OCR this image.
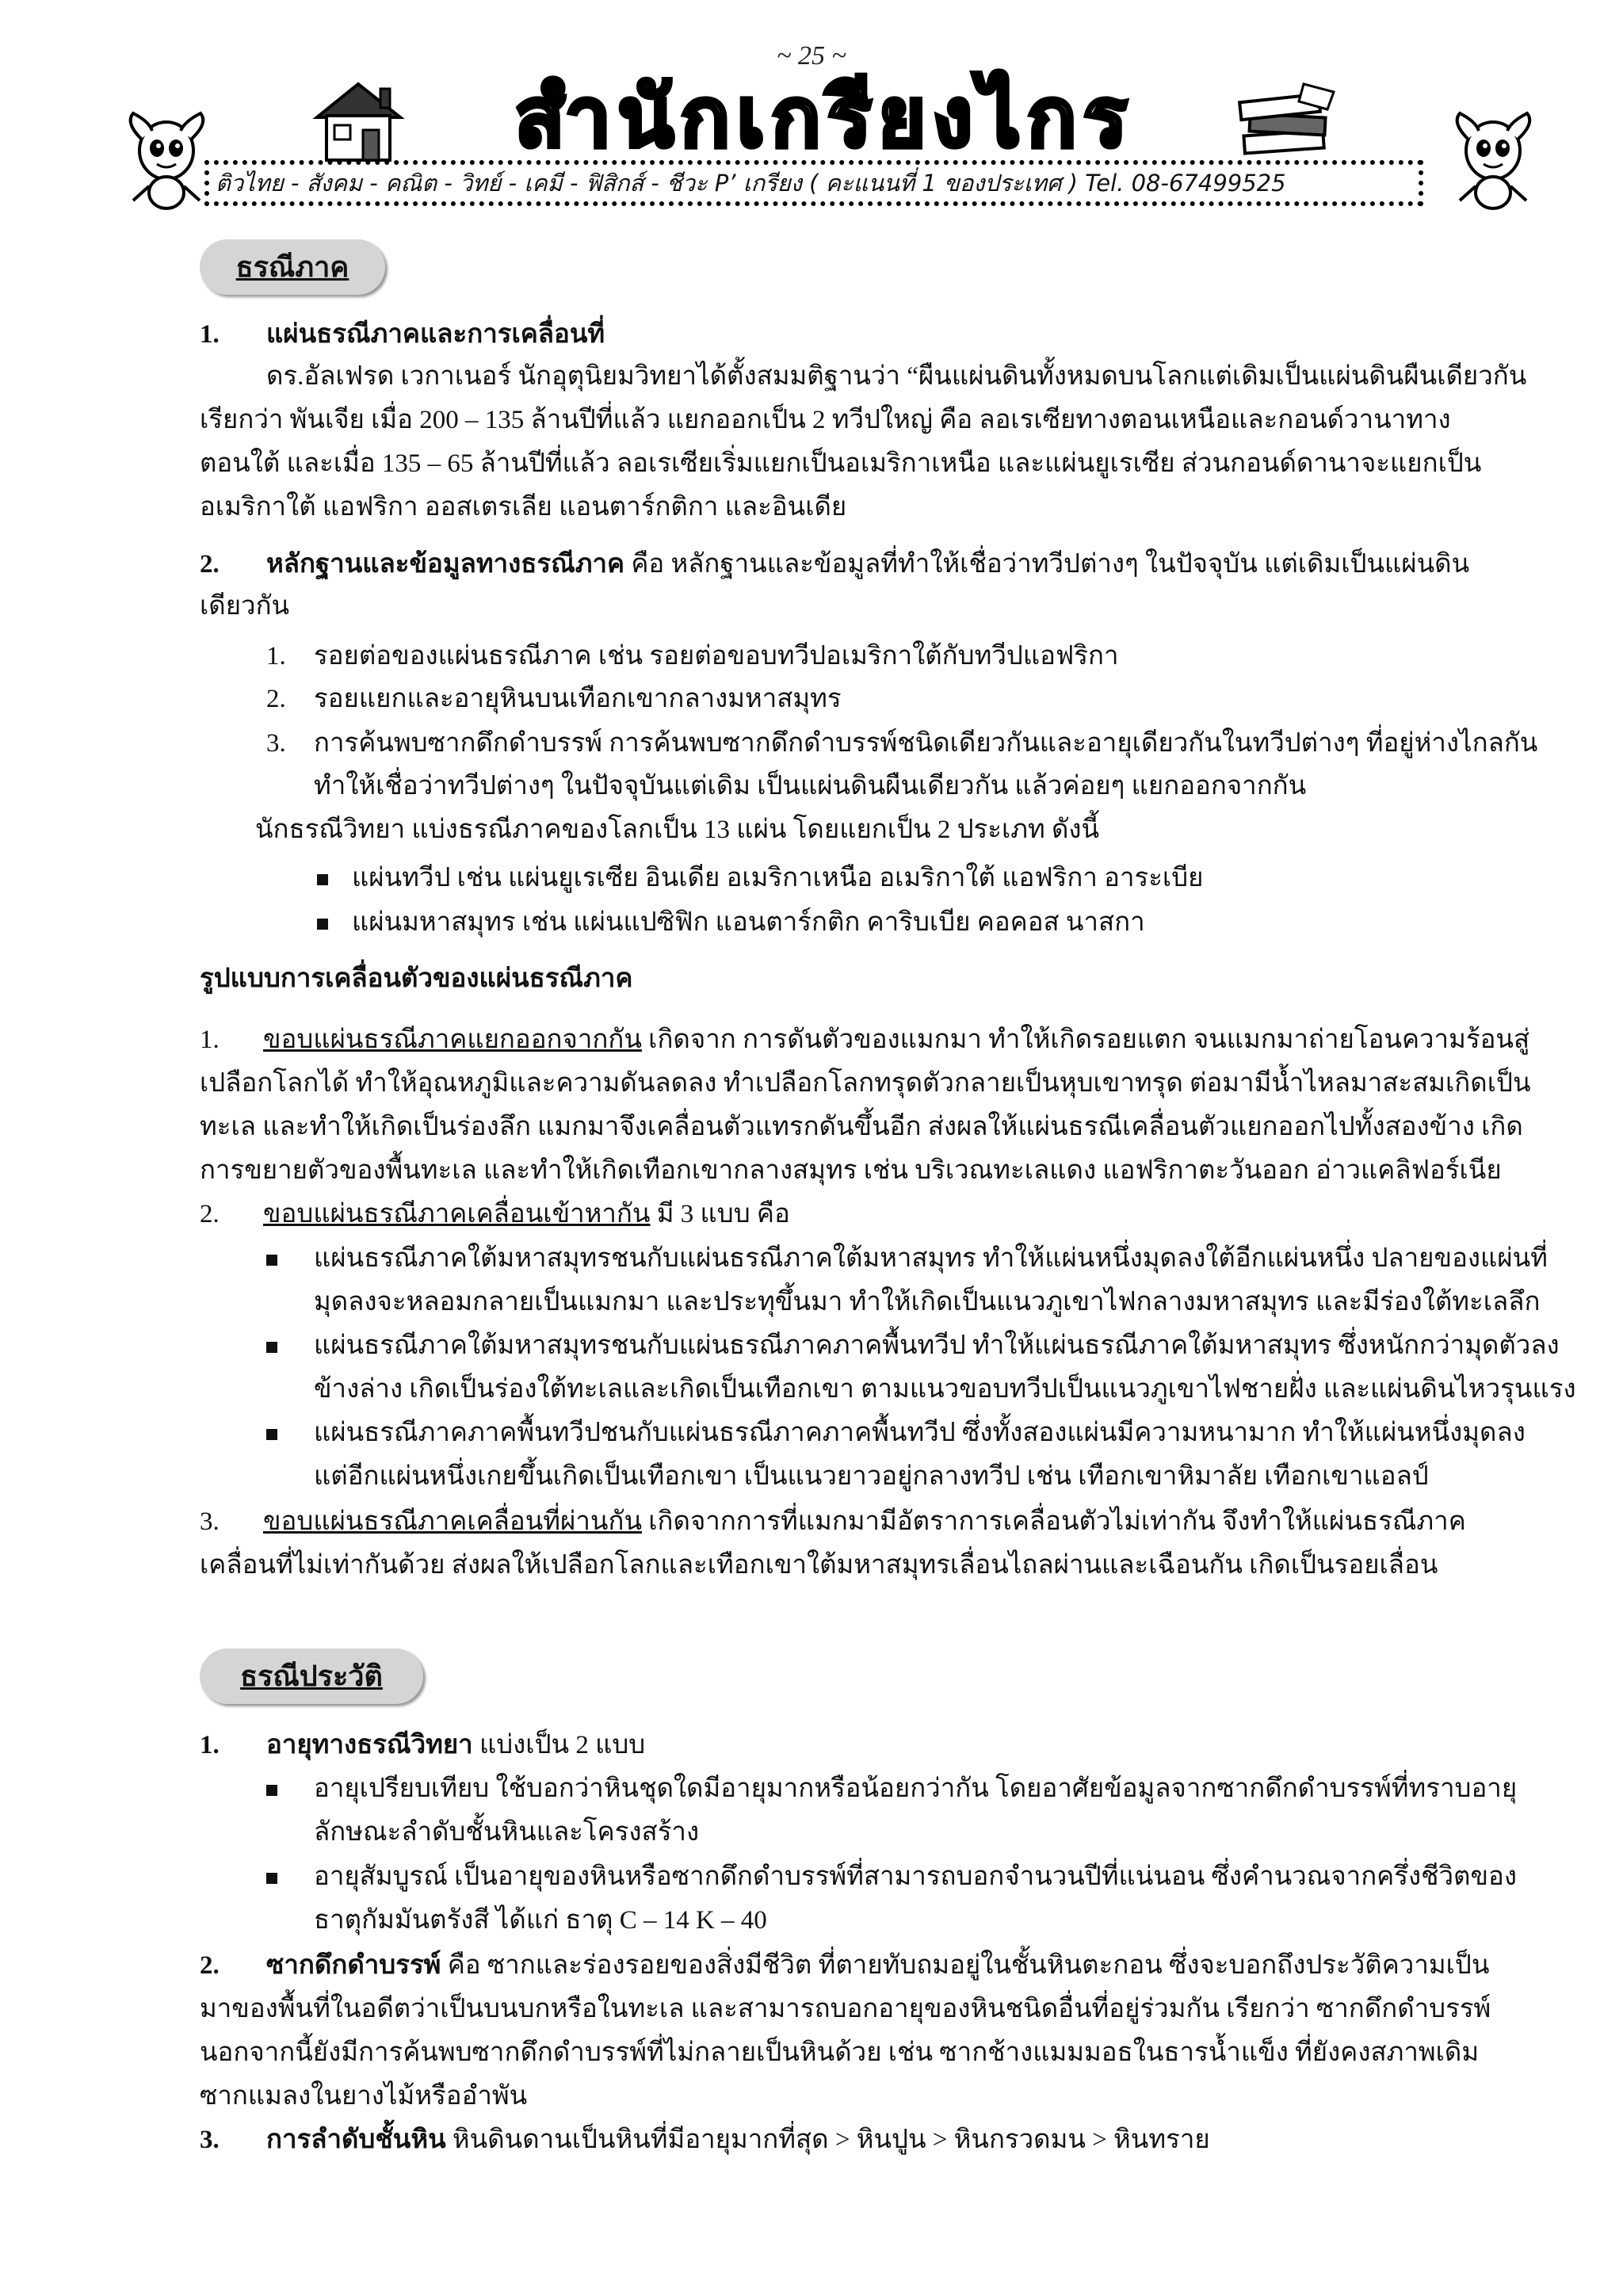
~ 25 ~
สำนักเกรียงไกร
ติวไทย - สังคม - คณิต - วิทย์ - เคมี - ฟิสิกส์ - ชีวะ P’ เกรียง ( คะแนนที่ 1 ของประเทศ ) Tel. 08-67499525
ธรณีภาค
1. แผ่นธรณีภาคและการเคลื่อนที่
ดร.อัลเฟรด เวกาเนอร์ นักอุตุนิยมวิทยาได้ตั้งสมมติฐานว่า “ผืนแผ่นดินทั้งหมดบนโลกแต่เดิมเป็นแผ่นดินผืนเดียวกัน
เรียกว่า พันเจีย เมื่อ 200 – 135 ล้านปีที่แล้ว แยกออกเป็น 2 ทวีปใหญ่ คือ ลอเรเซียทางตอนเหนือและกอนด์วานาทาง
ตอนใต้ และเมื่อ 135 – 65 ล้านปีที่แล้ว ลอเรเซียเริ่มแยกเป็นอเมริกาเหนือ และแผ่นยูเรเซีย ส่วนกอนด์ดานาจะแยกเป็น
อเมริกาใต้ แอฟริกา ออสเตรเลีย แอนตาร์กติกา และอินเดีย
2. หลักฐานและข้อมูลทางธรณีภาค คือ หลักฐานและข้อมูลที่ทำให้เชื่อว่าทวีปต่างๆ ในปัจจุบัน แต่เดิมเป็นแผ่นดิน
เดียวกัน
1. รอยต่อของแผ่นธรณีภาค เช่น รอยต่อขอบทวีปอเมริกาใต้กับทวีปแอฟริกา
2. รอยแยกและอายุหินบนเทือกเขากลางมหาสมุทร
3. การค้นพบซากดึกดำบรรพ์ การค้นพบซากดึกดำบรรพ์ชนิดเดียวกันและอายุเดียวกันในทวีปต่างๆ ที่อยู่ห่างไกลกัน
ทำให้เชื่อว่าทวีปต่างๆ ในปัจจุบันแต่เดิม เป็นแผ่นดินผืนเดียวกัน แล้วค่อยๆ แยกออกจากกัน
นักธรณีวิทยา แบ่งธรณีภาคของโลกเป็น 13 แผ่น โดยแยกเป็น 2 ประเภท ดังนี้
แผ่นทวีป เช่น แผ่นยูเรเซีย อินเดีย อเมริกาเหนือ อเมริกาใต้ แอฟริกา อาระเบีย
แผ่นมหาสมุทร เช่น แผ่นแปซิฟิก แอนตาร์กติก คาริบเบีย คอคอส นาสกา
รูปแบบการเคลื่อนตัวของแผ่นธรณีภาค
1. ขอบแผ่นธรณีภาคแยกออกจากกัน เกิดจาก การดันตัวของแมกมา ทำให้เกิดรอยแตก จนแมกมาถ่ายโอนความร้อนสู่
เปลือกโลกได้ ทำให้อุณหภูมิและความดันลดลง ทำเปลือกโลกทรุดตัวกลายเป็นหุบเขาทรุด ต่อมามีน้ำไหลมาสะสมเกิดเป็น
ทะเล และทำให้เกิดเป็นร่องลึก แมกมาจึงเคลื่อนตัวแทรกดันขึ้นอีก ส่งผลให้แผ่นธรณีเคลื่อนตัวแยกออกไปทั้งสองข้าง เกิด
การขยายตัวของพื้นทะเล และทำให้เกิดเทือกเขากลางสมุทร เช่น บริเวณทะเลแดง แอฟริกาตะวันออก อ่าวแคลิฟอร์เนีย
2. ขอบแผ่นธรณีภาคเคลื่อนเข้าหากัน มี 3 แบบ คือ
แผ่นธรณีภาคใต้มหาสมุทรชนกับแผ่นธรณีภาคใต้มหาสมุทร ทำให้แผ่นหนึ่งมุดลงใต้อีกแผ่นหนึ่ง ปลายของแผ่นที่
มุดลงจะหลอมกลายเป็นแมกมา และประทุขึ้นมา ทำให้เกิดเป็นแนวภูเขาไฟกลางมหาสมุทร และมีร่องใต้ทะเลลึก
แผ่นธรณีภาคใต้มหาสมุทรชนกับแผ่นธรณีภาคภาคพื้นทวีป ทำให้แผ่นธรณีภาคใต้มหาสมุทร ซึ่งหนักกว่ามุดตัวลง
ข้างล่าง เกิดเป็นร่องใต้ทะเลและเกิดเป็นเทือกเขา ตามแนวขอบทวีปเป็นแนวภูเขาไฟชายฝั่ง และแผ่นดินไหวรุนแรง
แผ่นธรณีภาคภาคพื้นทวีปชนกับแผ่นธรณีภาคภาคพื้นทวีป ซึ่งทั้งสองแผ่นมีความหนามาก ทำให้แผ่นหนึ่งมุดลง
แต่อีกแผ่นหนึ่งเกยขึ้นเกิดเป็นเทือกเขา เป็นแนวยาวอยู่กลางทวีป เช่น เทือกเขาหิมาลัย เทือกเขาแอลป์
3. ขอบแผ่นธรณีภาคเคลื่อนที่ผ่านกัน เกิดจากการที่แมกมามีอัตราการเคลื่อนตัวไม่เท่ากัน จึงทำให้แผ่นธรณีภาค
เคลื่อนที่ไม่เท่ากันด้วย ส่งผลให้เปลือกโลกและเทือกเขาใต้มหาสมุทรเลื่อนไถลผ่านและเฉือนกัน เกิดเป็นรอยเลื่อน
ธรณีประวัติ
1. อายุทางธรณีวิทยา แบ่งเป็น 2 แบบ
อายุเปรียบเทียบ ใช้บอกว่าหินชุดใดมีอายุมากหรือน้อยกว่ากัน โดยอาศัยข้อมูลจากซากดึกดำบรรพ์ที่ทราบอายุ
ลักษณะลำดับชั้นหินและโครงสร้าง
อายุสัมบูรณ์ เป็นอายุของหินหรือซากดึกดำบรรพ์ที่สามารถบอกจำนวนปีที่แน่นอน ซึ่งคำนวณจากครึ่งชีวิตของ
ธาตุกัมมันตรังสี ได้แก่ ธาตุ C – 14 K – 40
2. ซากดึกดำบรรพ์ คือ ซากและร่องรอยของสิ่งมีชีวิต ที่ตายทับถมอยู่ในชั้นหินตะกอน ซึ่งจะบอกถึงประวัติความเป็น
มาของพื้นที่ในอดีตว่าเป็นบนบกหรือในทะเล และสามารถบอกอายุของหินชนิดอื่นที่อยู่ร่วมกัน เรียกว่า ซากดึกดำบรรพ์
นอกจากนี้ยังมีการค้นพบซากดึกดำบรรพ์ที่ไม่กลายเป็นหินด้วย เช่น ซากช้างแมมมอธในธารน้ำแข็ง ที่ยังคงสภาพเดิม
ซากแมลงในยางไม้หรืออำพัน
3. การลำดับชั้นหิน หินดินดานเป็นหินที่มีอายุมากที่สุด > หินปูน > หินกรวดมน > หินทราย
